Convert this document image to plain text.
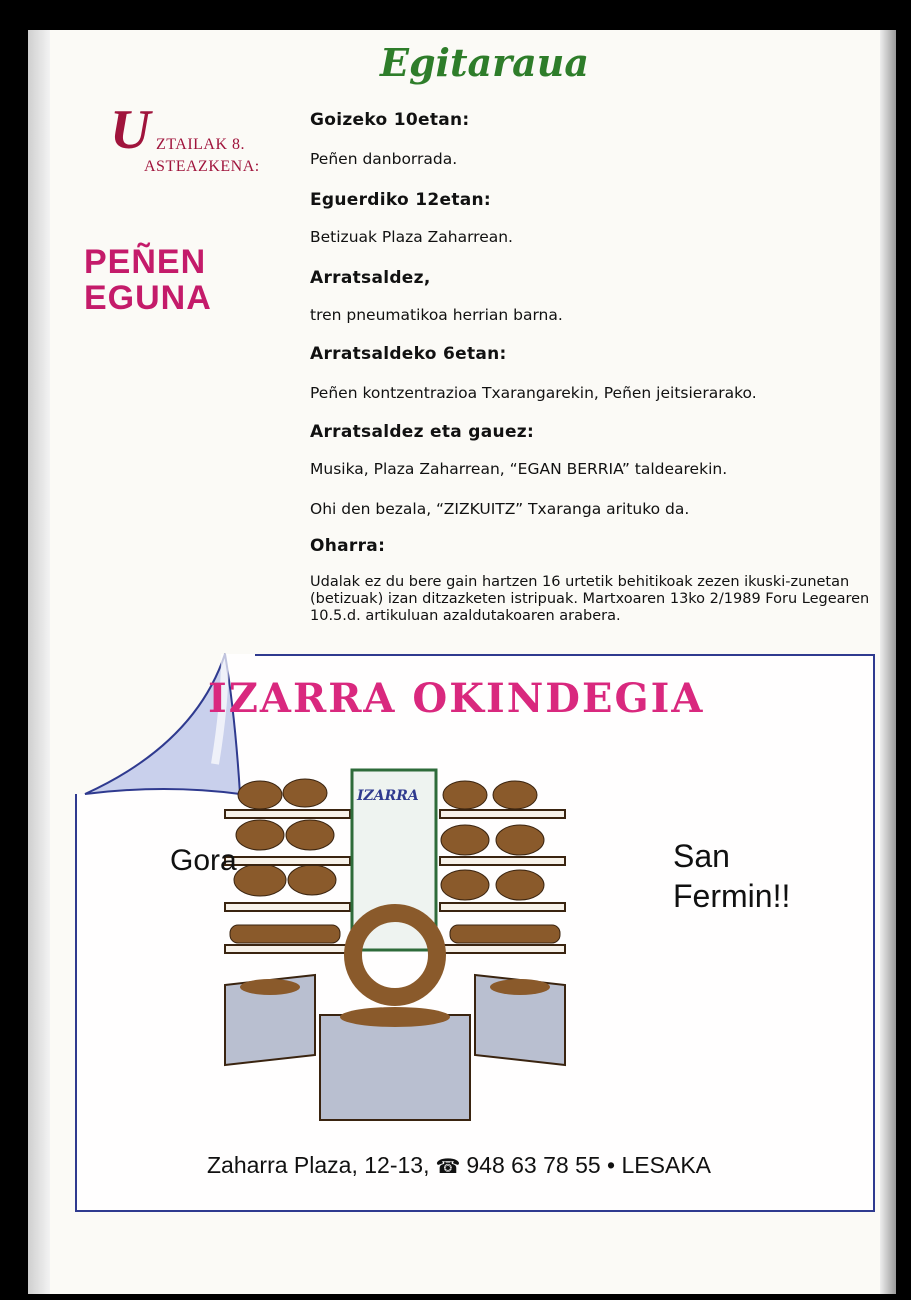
Egitaraua
U ZTAILAK 8.
ASTEAZKENA:
PEÑEN
EGUNA
Goizeko 10etan:
Peñen danborrada.
Eguerdiko 12etan:
Betizuak Plaza Zaharrean.
Arratsaldez,
tren pneumatikoa herrian barna.
Arratsaldeko 6etan:
Peñen kontzentrazioa Txarangarekin, Peñen jeitsierarako.
Arratsaldez eta gauez:
Musika, Plaza Zaharrean, “EGAN BERRIA” taldearekin.
Ohi den bezala, “ZIZKUITZ” Txaranga arituko da.
Oharra:
Udalak ez du bere gain hartzen 16 urtetik behitikoak zezen ikuski-zunetan (betizuak) izan ditzazketen istripuak. Martxoaren 13ko 2/1989 Foru Legearen 10.5.d. artikuluan azaldutakoaren arabera.
IZARRA OKINDEGIA
IZARRA
Gora	San
Fermin!!
Zaharra Plaza, 12-13, ☎ 948 63 78 55 • LESAKA
